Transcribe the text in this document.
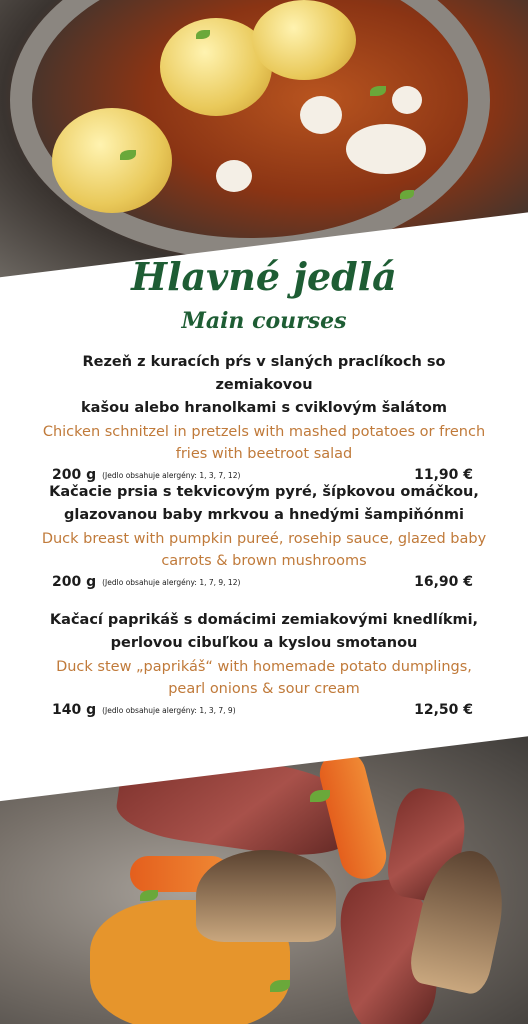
Hlavné jedlá
Main courses
Rezeň z kuracích pŕs v slaných praclíkoch so zemiakovou
kašou alebo hranolkami s cviklovým šalátom
Chicken schnitzel in pretzels with mashed potatoes or french
fries with beetroot salad
200 g (Jedlo obsahuje alergény: 1, 3, 7, 12)	11,90 €
Kačacie prsia s tekvicovým pyré, šípkovou omáčkou,
glazovanou baby mrkvou a hnedými šampiňónmi
Duck breast with pumpkin pureé, rosehip sauce, glazed baby
carrots & brown mushrooms
200 g (Jedlo obsahuje alergény: 1, 7, 9, 12)	16,90 €
Kačací paprikáš s domácimi zemiakovými knedlíkmi,
perlovou cibuľkou a kyslou smotanou
Duck stew „paprikáš“ with homemade potato dumplings,
pearl onions & sour cream
140 g (Jedlo obsahuje alergény: 1, 3, 7, 9)	12,50 €
